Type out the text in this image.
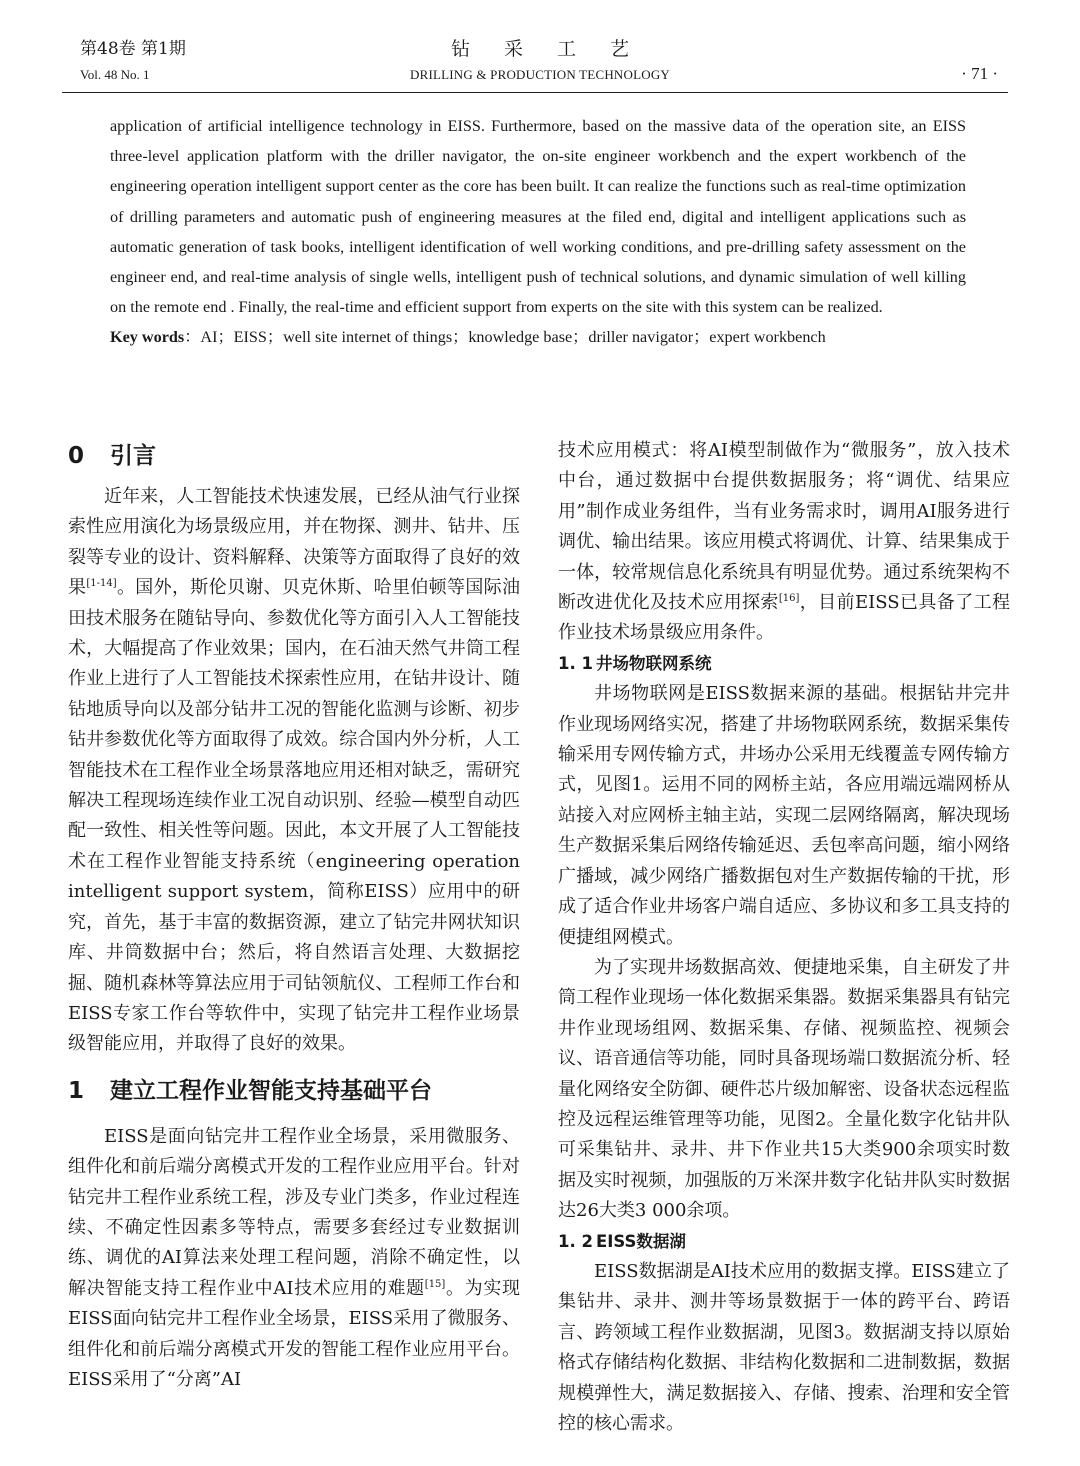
第48卷 第1期
Vol. 48 No. 1
钻采工艺
DRILLING & PRODUCTION TECHNOLOGY	· 71 ·

application of artificial intelligence technology in EISS. Furthermore, based on the massive data of the operation site, an EISS three-level application platform with the driller navigator, the on-site engineer workbench and the expert workbench of the engineering operation intelligent support center as the core has been built. It can realize the functions such as real-time optimization of drilling parameters and automatic push of engineering measures at the filed end, digital and intelligent applications such as automatic generation of task books, intelligent identification of well working conditions, and pre-drilling safety assessment on the engineer end, and real-time analysis of single wells, intelligent push of technical solutions, and dynamic simulation of well killing on the remote end . Finally, the real-time and efficient support from experts on the site with this system can be realized.

Key words：AI；EISS；well site internet of things；knowledge base；driller navigator；expert workbench

0 引言

近年来，人工智能技术快速发展，已经从油气行业探索性应用演化为场景级应用，并在物探、测井、钻井、压裂等专业的设计、资料解释、决策等方面取得了良好的效果[1-14]。国外，斯伦贝谢、贝克休斯、哈里伯顿等国际油田技术服务在随钻导向、参数优化等方面引入人工智能技术，大幅提高了作业效果；国内，在石油天然气井筒工程作业上进行了人工智能技术探索性应用，在钻井设计、随钻地质导向以及部分钻井工况的智能化监测与诊断、初步钻井参数优化等方面取得了成效。综合国内外分析，人工智能技术在工程作业全场景落地应用还相对缺乏，需研究解决工程现场连续作业工况自动识别、经验—模型自动匹配一致性、相关性等问题。因此，本文开展了人工智能技术在工程作业智能支持系统（engineering operation intelligent support system，简称EISS）应用中的研究，首先，基于丰富的数据资源，建立了钻完井网状知识库、井筒数据中台；然后，将自然语言处理、大数据挖掘、随机森林等算法应用于司钻领航仪、工程师工作台和EISS专家工作台等软件中，实现了钻完井工程作业场景级智能应用，并取得了良好的效果。

1 建立工程作业智能支持基础平台

EISS是面向钻完井工程作业全场景，采用微服务、组件化和前后端分离模式开发的工程作业应用平台。针对钻完井工程作业系统工程，涉及专业门类多，作业过程连续、不确定性因素多等特点，需要多套经过专业数据训练、调优的AI算法来处理工程问题，消除不确定性，以解决智能支持工程作业中AI技术应用的难题[15]。为实现EISS面向钻完井工程作业全场景，EISS采用了微服务、组件化和前后端分离模式开发的智能工程作业应用平台。EISS采用了“分离”AI

技术应用模式：将AI模型制做作为“微服务”，放入技术中台，通过数据中台提供数据服务；将“调优、结果应用”制作成业务组件，当有业务需求时，调用AI服务进行调优、输出结果。该应用模式将调优、计算、结果集成于一体，较常规信息化系统具有明显优势。通过系统架构不断改进优化及技术应用探索[16]，目前EISS已具备了工程作业技术场景级应用条件。

1. 1 井场物联网系统

井场物联网是EISS数据来源的基础。根据钻井完井作业现场网络实况，搭建了井场物联网系统，数据采集传输采用专网传输方式，井场办公采用无线覆盖专网传输方式，见图1。运用不同的网桥主站，各应用端远端网桥从站接入对应网桥主轴主站，实现二层网络隔离，解决现场生产数据采集后网络传输延迟、丢包率高问题，缩小网络广播域，减少网络广播数据包对生产数据传输的干扰，形成了适合作业井场客户端自适应、多协议和多工具支持的便捷组网模式。

为了实现井场数据高效、便捷地采集，自主研发了井筒工程作业现场一体化数据采集器。数据采集器具有钻完井作业现场组网、数据采集、存储、视频监控、视频会议、语音通信等功能，同时具备现场端口数据流分析、轻量化网络安全防御、硬件芯片级加解密、设备状态远程监控及远程运维管理等功能，见图2。全量化数字化钻井队可采集钻井、录井、井下作业共15大类900余项实时数据及实时视频，加强版的万米深井数字化钻井队实时数据达26大类3 000余项。

1. 2 EISS数据湖

EISS数据湖是AI技术应用的数据支撑。EISS建立了集钻井、录井、测井等场景数据于一体的跨平台、跨语言、跨领域工程作业数据湖，见图3。数据湖支持以原始格式存储结构化数据、非结构化数据和二进制数据，数据规模弹性大，满足数据接入、存储、搜索、治理和安全管控的核心需求。
